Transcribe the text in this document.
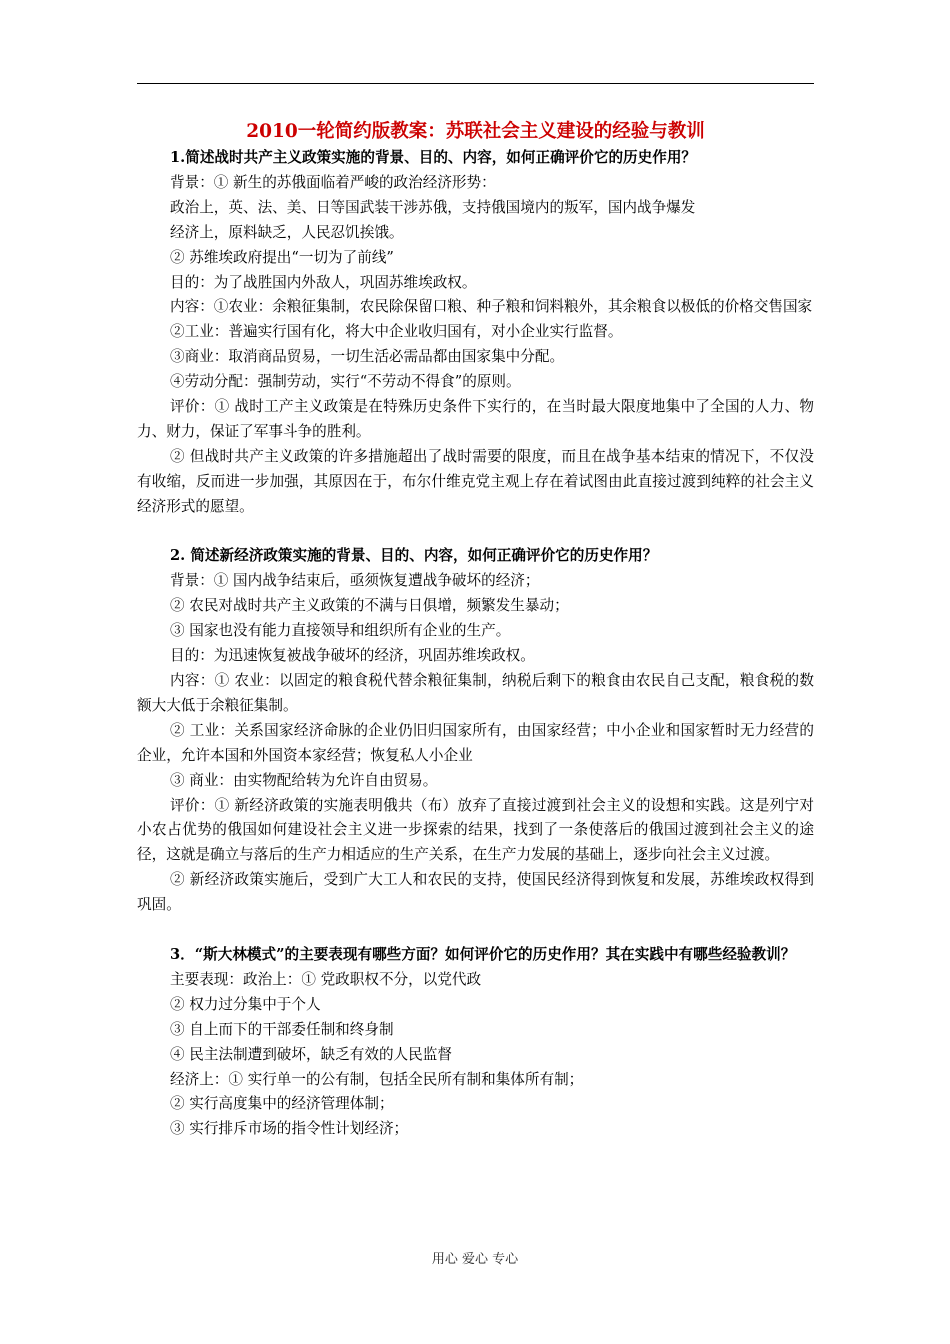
2010一轮简约版教案：苏联社会主义建设的经验与教训

1.简述战时共产主义政策实施的背景、目的、内容，如何正确评价它的历史作用？

背景：① 新生的苏俄面临着严峻的政治经济形势：

政治上，英、法、美、日等国武装干涉苏俄，支持俄国境内的叛军，国内战争爆发

经济上，原料缺乏，人民忍饥挨饿。

② 苏维埃政府提出“一切为了前线”

目的：为了战胜国内外敌人，巩固苏维埃政权。

内容：①农业：余粮征集制，农民除保留口粮、种子粮和饲料粮外，其余粮食以极低的价格交售国家

②工业：普遍实行国有化，将大中企业收归国有，对小企业实行监督。

③商业：取消商品贸易，一切生活必需品都由国家集中分配。

④劳动分配：强制劳动，实行“不劳动不得食”的原则。

评价：① 战时工产主义政策是在特殊历史条件下实行的，在当时最大限度地集中了全国的人力、物力、财力，保证了军事斗争的胜利。

② 但战时共产主义政策的许多措施超出了战时需要的限度，而且在战争基本结束的情况下，不仅没有收缩，反而进一步加强，其原因在于，布尔什维克党主观上存在着试图由此直接过渡到纯粹的社会主义经济形式的愿望。

2. 简述新经济政策实施的背景、目的、内容，如何正确评价它的历史作用？

背景：① 国内战争结束后，亟须恢复遭战争破坏的经济；

② 农民对战时共产主义政策的不满与日俱增，频繁发生暴动；

③ 国家也没有能力直接领导和组织所有企业的生产。

目的：为迅速恢复被战争破坏的经济，巩固苏维埃政权。

内容：① 农业：以固定的粮食税代替余粮征集制，纳税后剩下的粮食由农民自己支配，粮食税的数额大大低于余粮征集制。

② 工业：关系国家经济命脉的企业仍旧归国家所有，由国家经营；中小企业和国家暂时无力经营的企业，允许本国和外国资本家经营；恢复私人小企业

③ 商业：由实物配给转为允许自由贸易。

评价：① 新经济政策的实施表明俄共（布）放弃了直接过渡到社会主义的设想和实践。这是列宁对小农占优势的俄国如何建设社会主义进一步探索的结果，找到了一条使落后的俄国过渡到社会主义的途径，这就是确立与落后的生产力相适应的生产关系，在生产力发展的基础上，逐步向社会主义过渡。

② 新经济政策实施后，受到广大工人和农民的支持，使国民经济得到恢复和发展，苏维埃政权得到巩固。

3．“斯大林模式”的主要表现有哪些方面？如何评价它的历史作用？其在实践中有哪些经验教训？

主要表现：政治上：① 党政职权不分，以党代政

② 权力过分集中于个人

③ 自上而下的干部委任制和终身制

④ 民主法制遭到破坏，缺乏有效的人民监督

经济上：① 实行单一的公有制，包括全民所有制和集体所有制；

② 实行高度集中的经济管理体制；

③ 实行排斥市场的指令性计划经济；

用心 爱心 专心
